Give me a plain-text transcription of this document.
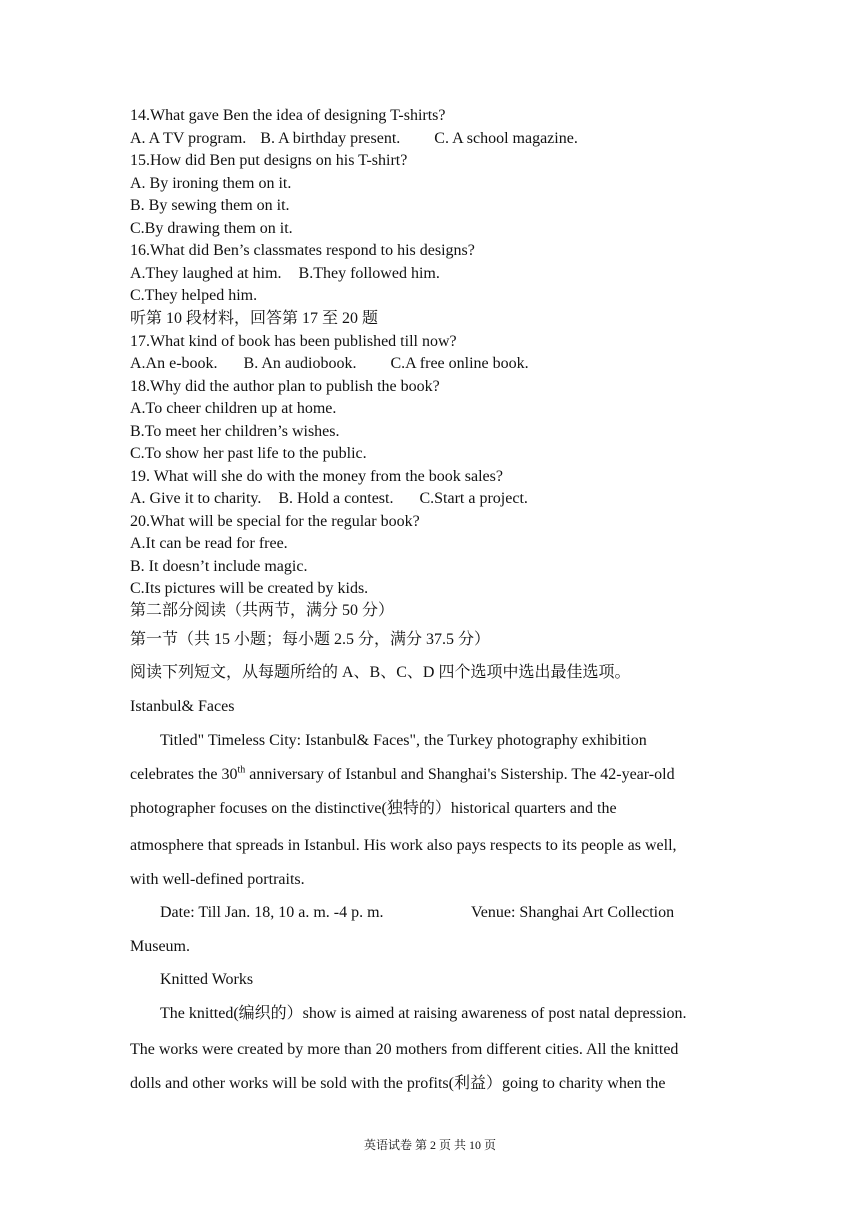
14.What gave Ben the idea of designing T-shirts?
A. A TV program. B. A birthday present. C. A school magazine.
15.How did Ben put designs on his T-shirt?
A. By ironing them on it.
B. By sewing them on it.
C.By drawing them on it.
16.What did Ben’s classmates respond to his designs?
A.They laughed at him. B.They followed him.
C.They helped him.
听第 10 段材料，回答第 17 至 20 题
17.What kind of book has been published till now?
A.An e-book. B. An audiobook. C.A free online book.
18.Why did the author plan to publish the book?
A.To cheer children up at home.
B.To meet her children’s wishes.
C.To show her past life to the public.
19. What will she do with the money from the book sales?
A. Give it to charity. B. Hold a contest. C.Start a project.
20.What will be special for the regular book?
A.It can be read for free.
B. It doesn’t include magic.
C.Its pictures will be created by kids.
第二部分阅读（共两节，满分 50 分）
第一节（共 15 小题；每小题 2.5 分，满分 37.5 分）
阅读下列短文，从每题所给的 A、B、C、D 四个选项中选出最佳选项。
Istanbul& Faces
Titled" Timeless City: Istanbul& Faces", the Turkey photography exhibition
celebrates the 30th anniversary of Istanbul and Shanghai's Sistership. The 42-year-old
photographer focuses on the distinctive(独特的）historical quarters and the
atmosphere that spreads in Istanbul. His work also pays respects to its people as well,
with well-defined portraits.
Date: Till Jan. 18, 10 a. m. -4 p. m.	Venue: Shanghai Art Collection
Museum.
Knitted Works
The knitted(编织的）show is aimed at raising awareness of post natal depression.
The works were created by more than 20 mothers from different cities. All the knitted
dolls and other works will be sold with the profits(利益）going to charity when the
英语试卷 第 2 页 共 10 页
